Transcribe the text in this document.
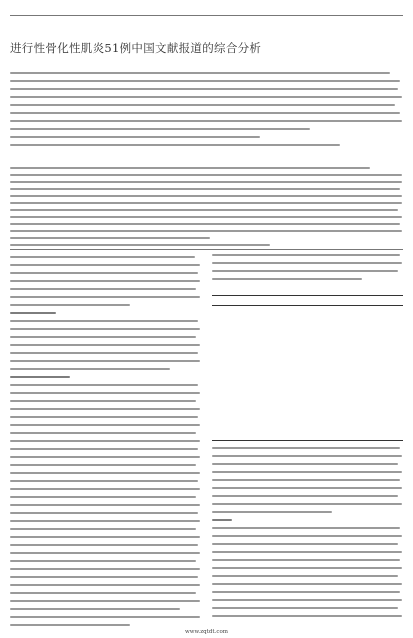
进行性骨化性肌炎51例中国文献报道的综合分析

www.zqtdt.com
